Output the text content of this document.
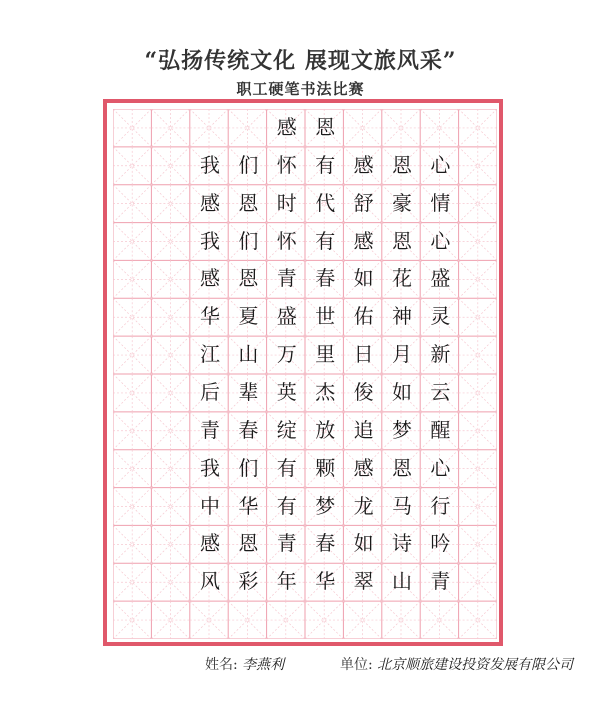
“弘扬传统文化 展现文旅风采”
职工硬笔书法比赛
感 恩
我 们 怀 有 感 恩 心
感 恩 时 代 舒 豪 情
我 们 怀 有 感 恩 心
感 恩 青 春 如 花 盛
华 夏 盛 世 佑 神 灵
江 山 万 里 日 月 新
后 辈 英 杰 俊 如 云
青 春 绽 放 追 梦 醒
我 们 有 颗 感 恩 心
中 华 有 梦 龙 马 行
感 恩 青 春 如 诗 吟
风 彩 年 华 翠 山 青
姓名: 李燕利	单位: 北京顺旅建设投资发展有限公司
